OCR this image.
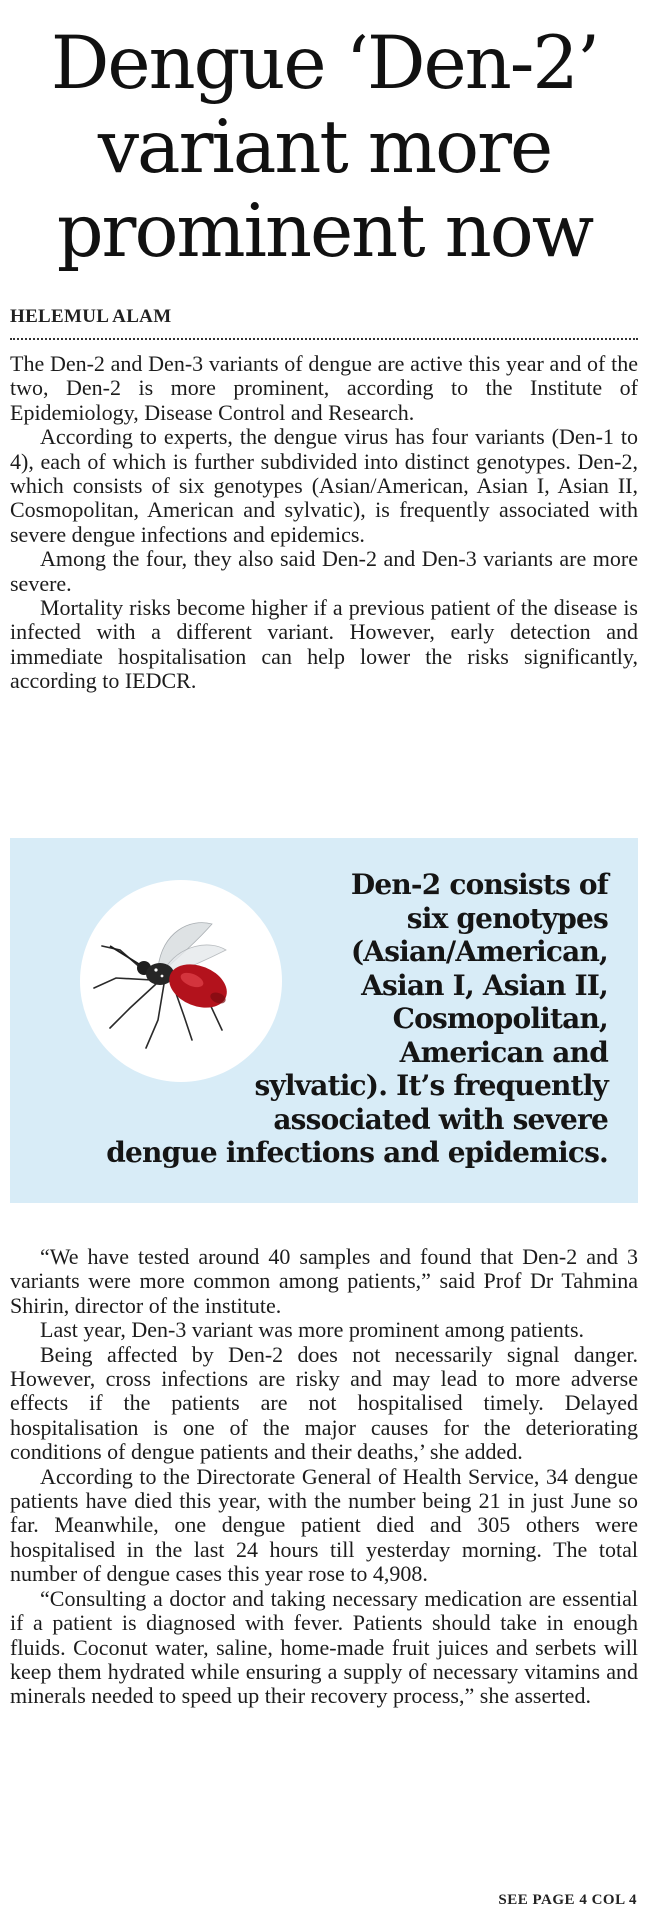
Dengue ‘Den-2’ variant more prominent now
HELEMUL ALAM

The Den-2 and Den-3 variants of dengue are active this year and of the two, Den-2 is more prominent, according to the Institute of Epidemiology, Disease Control and Research.

According to experts, the dengue virus has four variants (Den-1 to 4), each of which is further subdivided into distinct genotypes. Den-2, which consists of six genotypes (Asian/American, Asian I, Asian II, Cosmopolitan, American and sylvatic), is frequently associated with severe dengue infections and epidemics.

Among the four, they also said Den-2 and Den-3 variants are more severe.

Mortality risks become higher if a previous patient of the disease is infected with a different variant. However, early detection and immediate hospitalisation can help lower the risks significantly, according to IEDCR.

Den-2 consists of
six genotypes
(Asian/American,
Asian I, Asian II,
Cosmopolitan,
American and
sylvatic). It’s frequently
associated with severe
dengue infections and epidemics.

“We have tested around 40 samples and found that Den-2 and 3 variants were more common among patients,” said Prof Dr Tahmina Shirin, director of the institute.

Last year, Den-3 variant was more prominent among patients.

Being affected by Den-2 does not necessarily signal danger. However, cross infections are risky and may lead to more adverse effects if the patients are not hospitalised timely. Delayed hospitalisation is one of the major causes for the deteriorating conditions of dengue patients and their deaths,’ she added.

According to the Directorate General of Health Service, 34 dengue patients have died this year, with the number being 21 in just June so far. Meanwhile, one dengue patient died and 305 others were hospitalised in the last 24 hours till yesterday morning. The total number of dengue cases this year rose to 4,908.

“Consulting a doctor and taking necessary medication are essential if a patient is diagnosed with fever. Patients should take in enough fluids. Coconut water, saline, home-made fruit juices and serbets will keep them hydrated while ensuring a supply of necessary vitamins and minerals needed to speed up their recovery process,” she asserted.

SEE PAGE 4 COL 4
